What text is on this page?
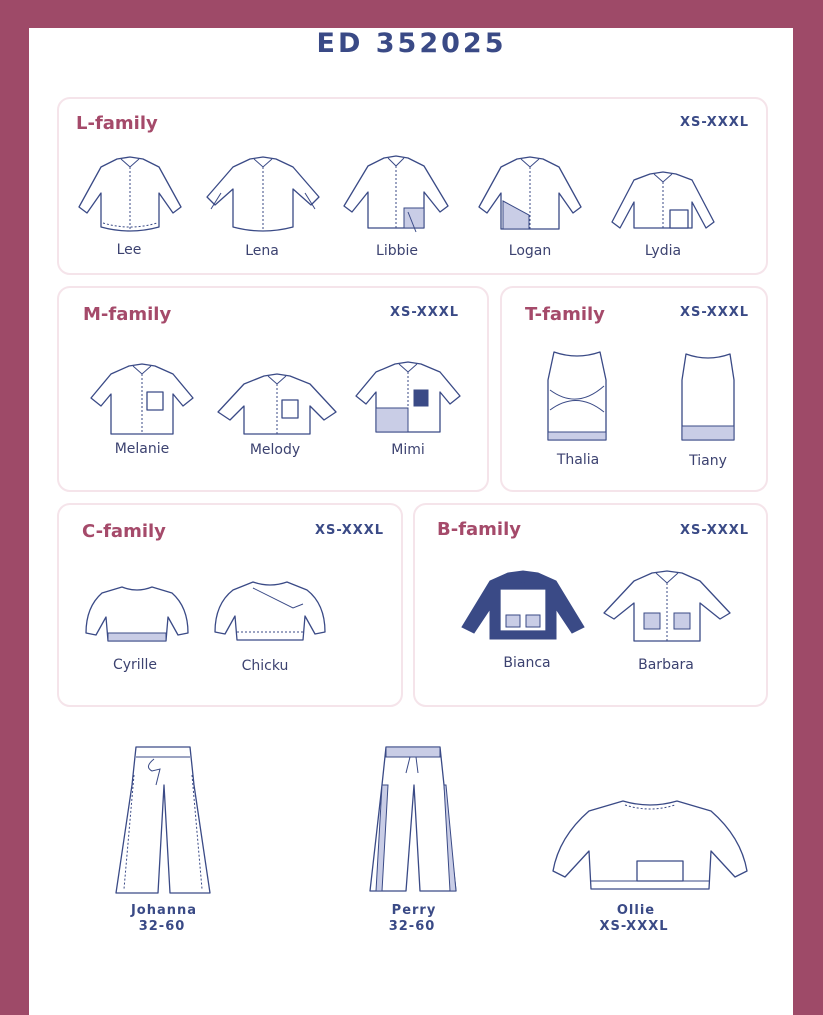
ED 352025
L-family	XS-XXXL
Lee	Lena	Libbie	Logan	Lydia
M-family	XS-XXXL
Melanie	Melody	Mimi
T-family	XS-XXXL
Thalia	Tiany
C-family	XS-XXXL
Cyrille	Chicku
B-family	XS-XXXL
Bianca	Barbara
Johanna
32-60
Perry
32-60
Ollie
XS-XXXL
